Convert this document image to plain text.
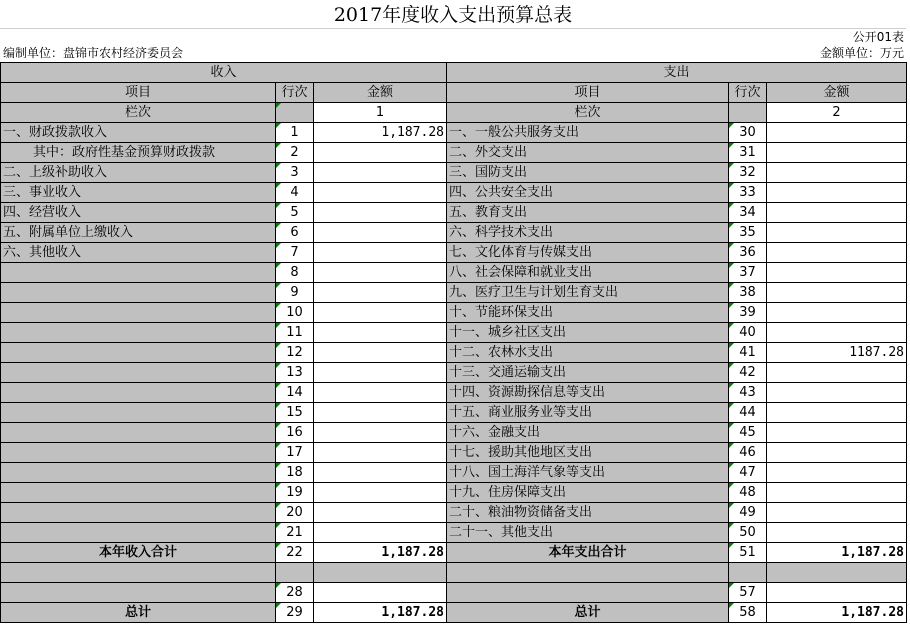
2017年度收入支出预算总表
公开01表
编制单位：盘锦市农村经济委员会	金额单位：万元
收入			支出		
项目	行次	金额	项目	行次	金额
栏次		1	栏次		2
一、财政拨款收入	1	1,187.28	一、一般公共服务支出	30	
其中：政府性基金预算财政拨款	2		二、外交支出	31	
二、上级补助收入	3		三、国防支出	32	
三、事业收入	4		四、公共安全支出	33	
四、经营收入	5		五、教育支出	34	
五、附属单位上缴收入	6		六、科学技术支出	35	
六、其他收入	7		七、文化体育与传媒支出	36	
	8		八、社会保障和就业支出	37	
	9		九、医疗卫生与计划生育支出	38	
	10		十、节能环保支出	39	
	11		十一、城乡社区支出	40	
	12		十二、农林水支出	41	1187.28
	13		十三、交通运输支出	42	
	14		十四、资源勘探信息等支出	43	
	15		十五、商业服务业等支出	44	
	16		十六、金融支出	45	
	17		十七、援助其他地区支出	46	
	18		十八、国土海洋气象等支出	47	
	19		十九、住房保障支出	48	
	20		二十、粮油物资储备支出	49	
	21		二十一、其他支出	50	
本年收入合计	22	1,187.28	本年支出合计	51	1,187.28

	28			57	
总计	29	1,187.28	总计	58	1,187.28
